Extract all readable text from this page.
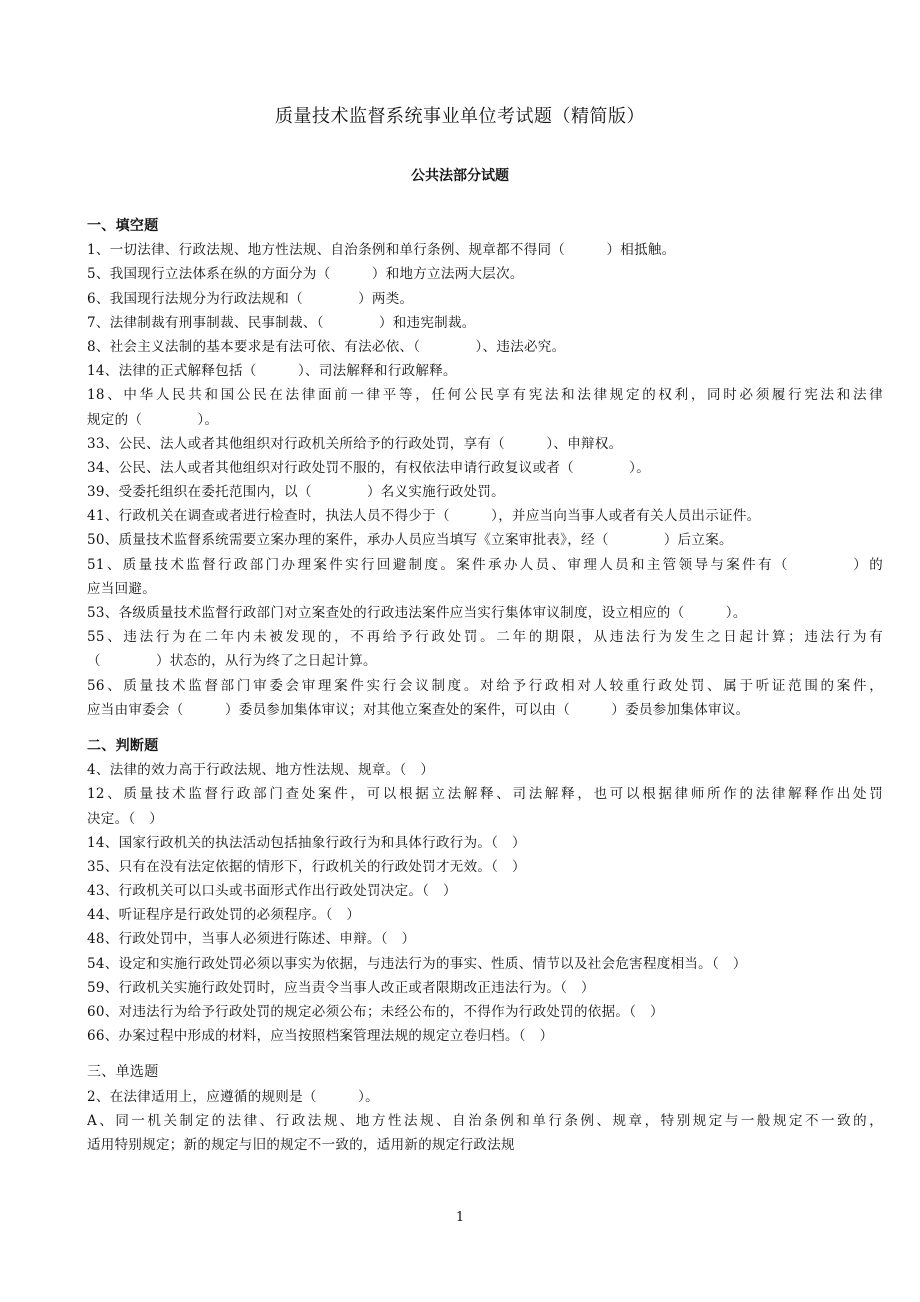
质量技术监督系统事业单位考试题（精简版）
公共法部分试题
一、填空题
1、一切法律、行政法规、地方性法规、自治条例和单行条例、规章都不得同（　　　）相抵触。
5、我国现行立法体系在纵的方面分为（　　　）和地方立法两大层次。
6、我国现行法规分为行政法规和（　　　　）两类。
7、法律制裁有刑事制裁、民事制裁、（　　　　）和违宪制裁。
8、社会主义法制的基本要求是有法可依、有法必依、（　　　　）、违法必究。
14、法律的正式解释包括（　　　）、司法解释和行政解释。
18、中华人民共和国公民在法律面前一律平等，任何公民享有宪法和法律规定的权利，同时必须履行宪法和法律
规定的（　　　　）。
33、公民、法人或者其他组织对行政机关所给予的行政处罚，享有（　　　）、申辩权。
34、公民、法人或者其他组织对行政处罚不服的，有权依法申请行政复议或者（　　　　）。
39、受委托组织在委托范围内，以（　　　　）名义实施行政处罚。
41、行政机关在调查或者进行检查时，执法人员不得少于（　　　），并应当向当事人或者有关人员出示证件。
50、质量技术监督系统需要立案办理的案件，承办人员应当填写《立案审批表》，经（　　　　）后立案。
51、质量技术监督行政部门办理案件实行回避制度。案件承办人员、审理人员和主管领导与案件有（　　　　）的
应当回避。
53、各级质量技术监督行政部门对立案查处的行政违法案件应当实行集体审议制度，设立相应的（　　　）。
55、违法行为在二年内未被发现的，不再给予行政处罚。二年的期限，从违法行为发生之日起计算；违法行为有
（　　　　）状态的，从行为终了之日起计算。
56、质量技术监督部门审委会审理案件实行会议制度。对给予行政相对人较重行政处罚、属于听证范围的案件，
应当由审委会（　　　）委员参加集体审议；对其他立案查处的案件，可以由（　　　）委员参加集体审议。
二、判断题
4、法律的效力高于行政法规、地方性法规、规章。（　）
12、质量技术监督行政部门查处案件，可以根据立法解释、司法解释，也可以根据律师所作的法律解释作出处罚
决定。（　）
14、国家行政机关的执法活动包括抽象行政行为和具体行政行为。（　）
35、只有在没有法定依据的情形下，行政机关的行政处罚才无效。（　）
43、行政机关可以口头或书面形式作出行政处罚决定。（　）
44、听证程序是行政处罚的必须程序。（　）
48、行政处罚中，当事人必须进行陈述、申辩。（　）
54、设定和实施行政处罚必须以事实为依据，与违法行为的事实、性质、情节以及社会危害程度相当。（　）
59、行政机关实施行政处罚时，应当责令当事人改正或者限期改正违法行为。（　）
60、对违法行为给予行政处罚的规定必须公布；未经公布的，不得作为行政处罚的依据。（　）
66、办案过程中形成的材料，应当按照档案管理法规的规定立卷归档。（　）
三、单选题
2、在法律适用上，应遵循的规则是（　　　）。
A、同一机关制定的法律、行政法规、地方性法规、自治条例和单行条例、规章，特别规定与一般规定不一致的，
适用特别规定；新的规定与旧的规定不一致的，适用新的规定行政法规
1
